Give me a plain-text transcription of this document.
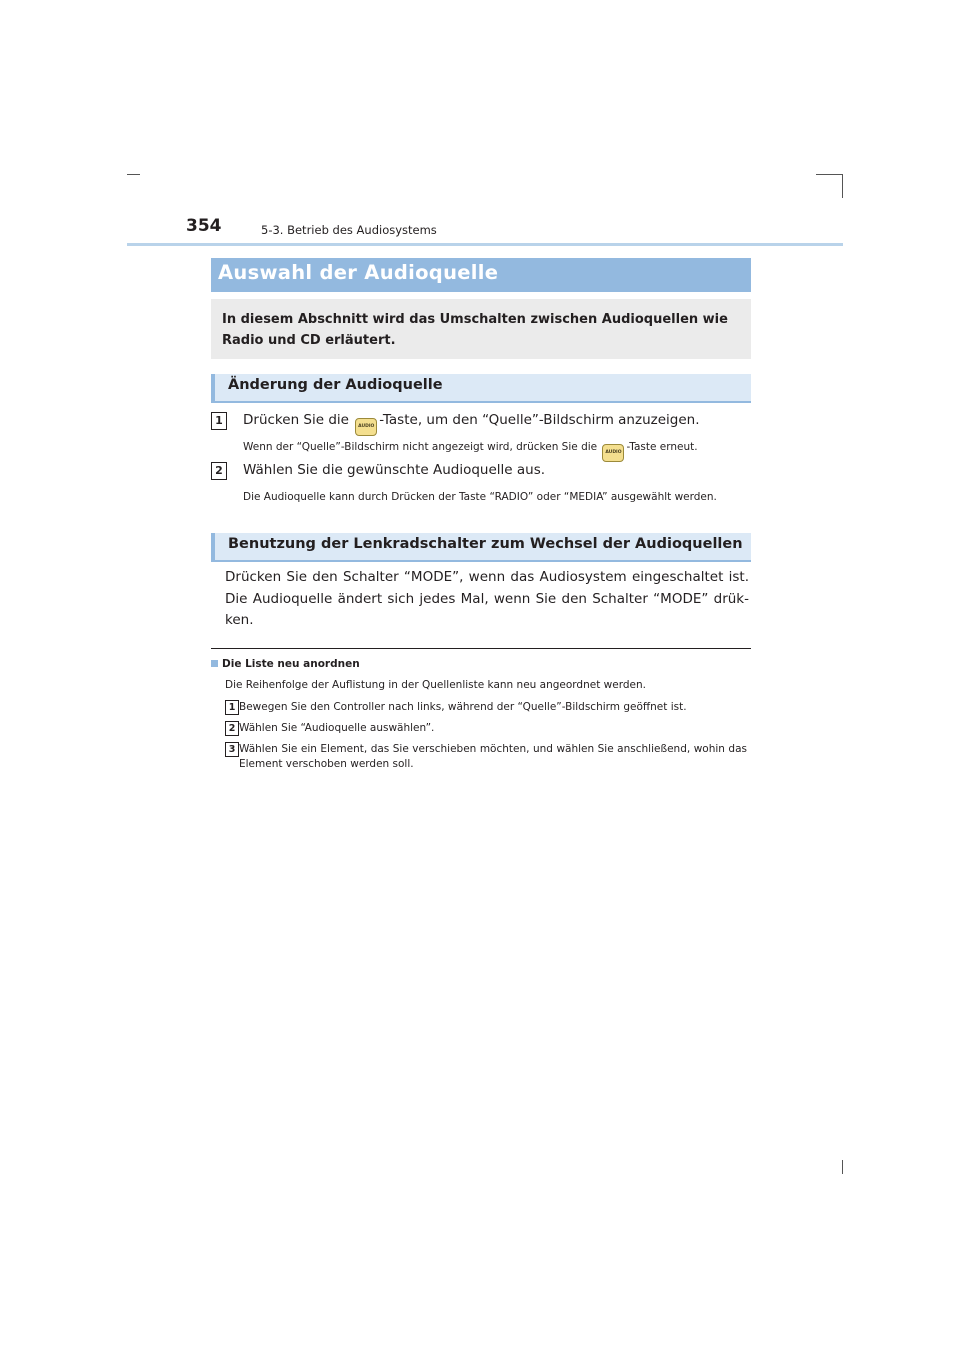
354	5-3. Betrieb des Audiosystems
Auswahl der Audioquelle
In diesem Abschnitt wird das Umschalten zwischen Audioquellen wie Radio und CD erläutert.
Änderung der Audioquelle
1	Drücken Sie die AUDIO -Taste, um den “Quelle”-Bildschirm anzuzeigen.
Wenn der “Quelle”-Bildschirm nicht angezeigt wird, drücken Sie die AUDIO -Taste erneut.
2	Wählen Sie die gewünschte Audioquelle aus.
Die Audioquelle kann durch Drücken der Taste “RADIO” oder “MEDIA” ausgewählt werden.
Benutzung der Lenkradschalter zum Wechsel der Audioquellen
Drücken Sie den Schalter “MODE”, wenn das Audiosystem eingeschaltet ist. Die Audioquelle ändert sich jedes Mal, wenn Sie den Schalter “MODE” drük-ken.
Die Liste neu anordnen
Die Reihenfolge der Auflistung in der Quellenliste kann neu angeordnet werden.
1 Bewegen Sie den Controller nach links, während der “Quelle”-Bildschirm geöffnet ist.
2 Wählen Sie “Audioquelle auswählen”.
3 Wählen Sie ein Element, das Sie verschieben möchten, und wählen Sie anschließend, wohin das Element verschoben werden soll.
